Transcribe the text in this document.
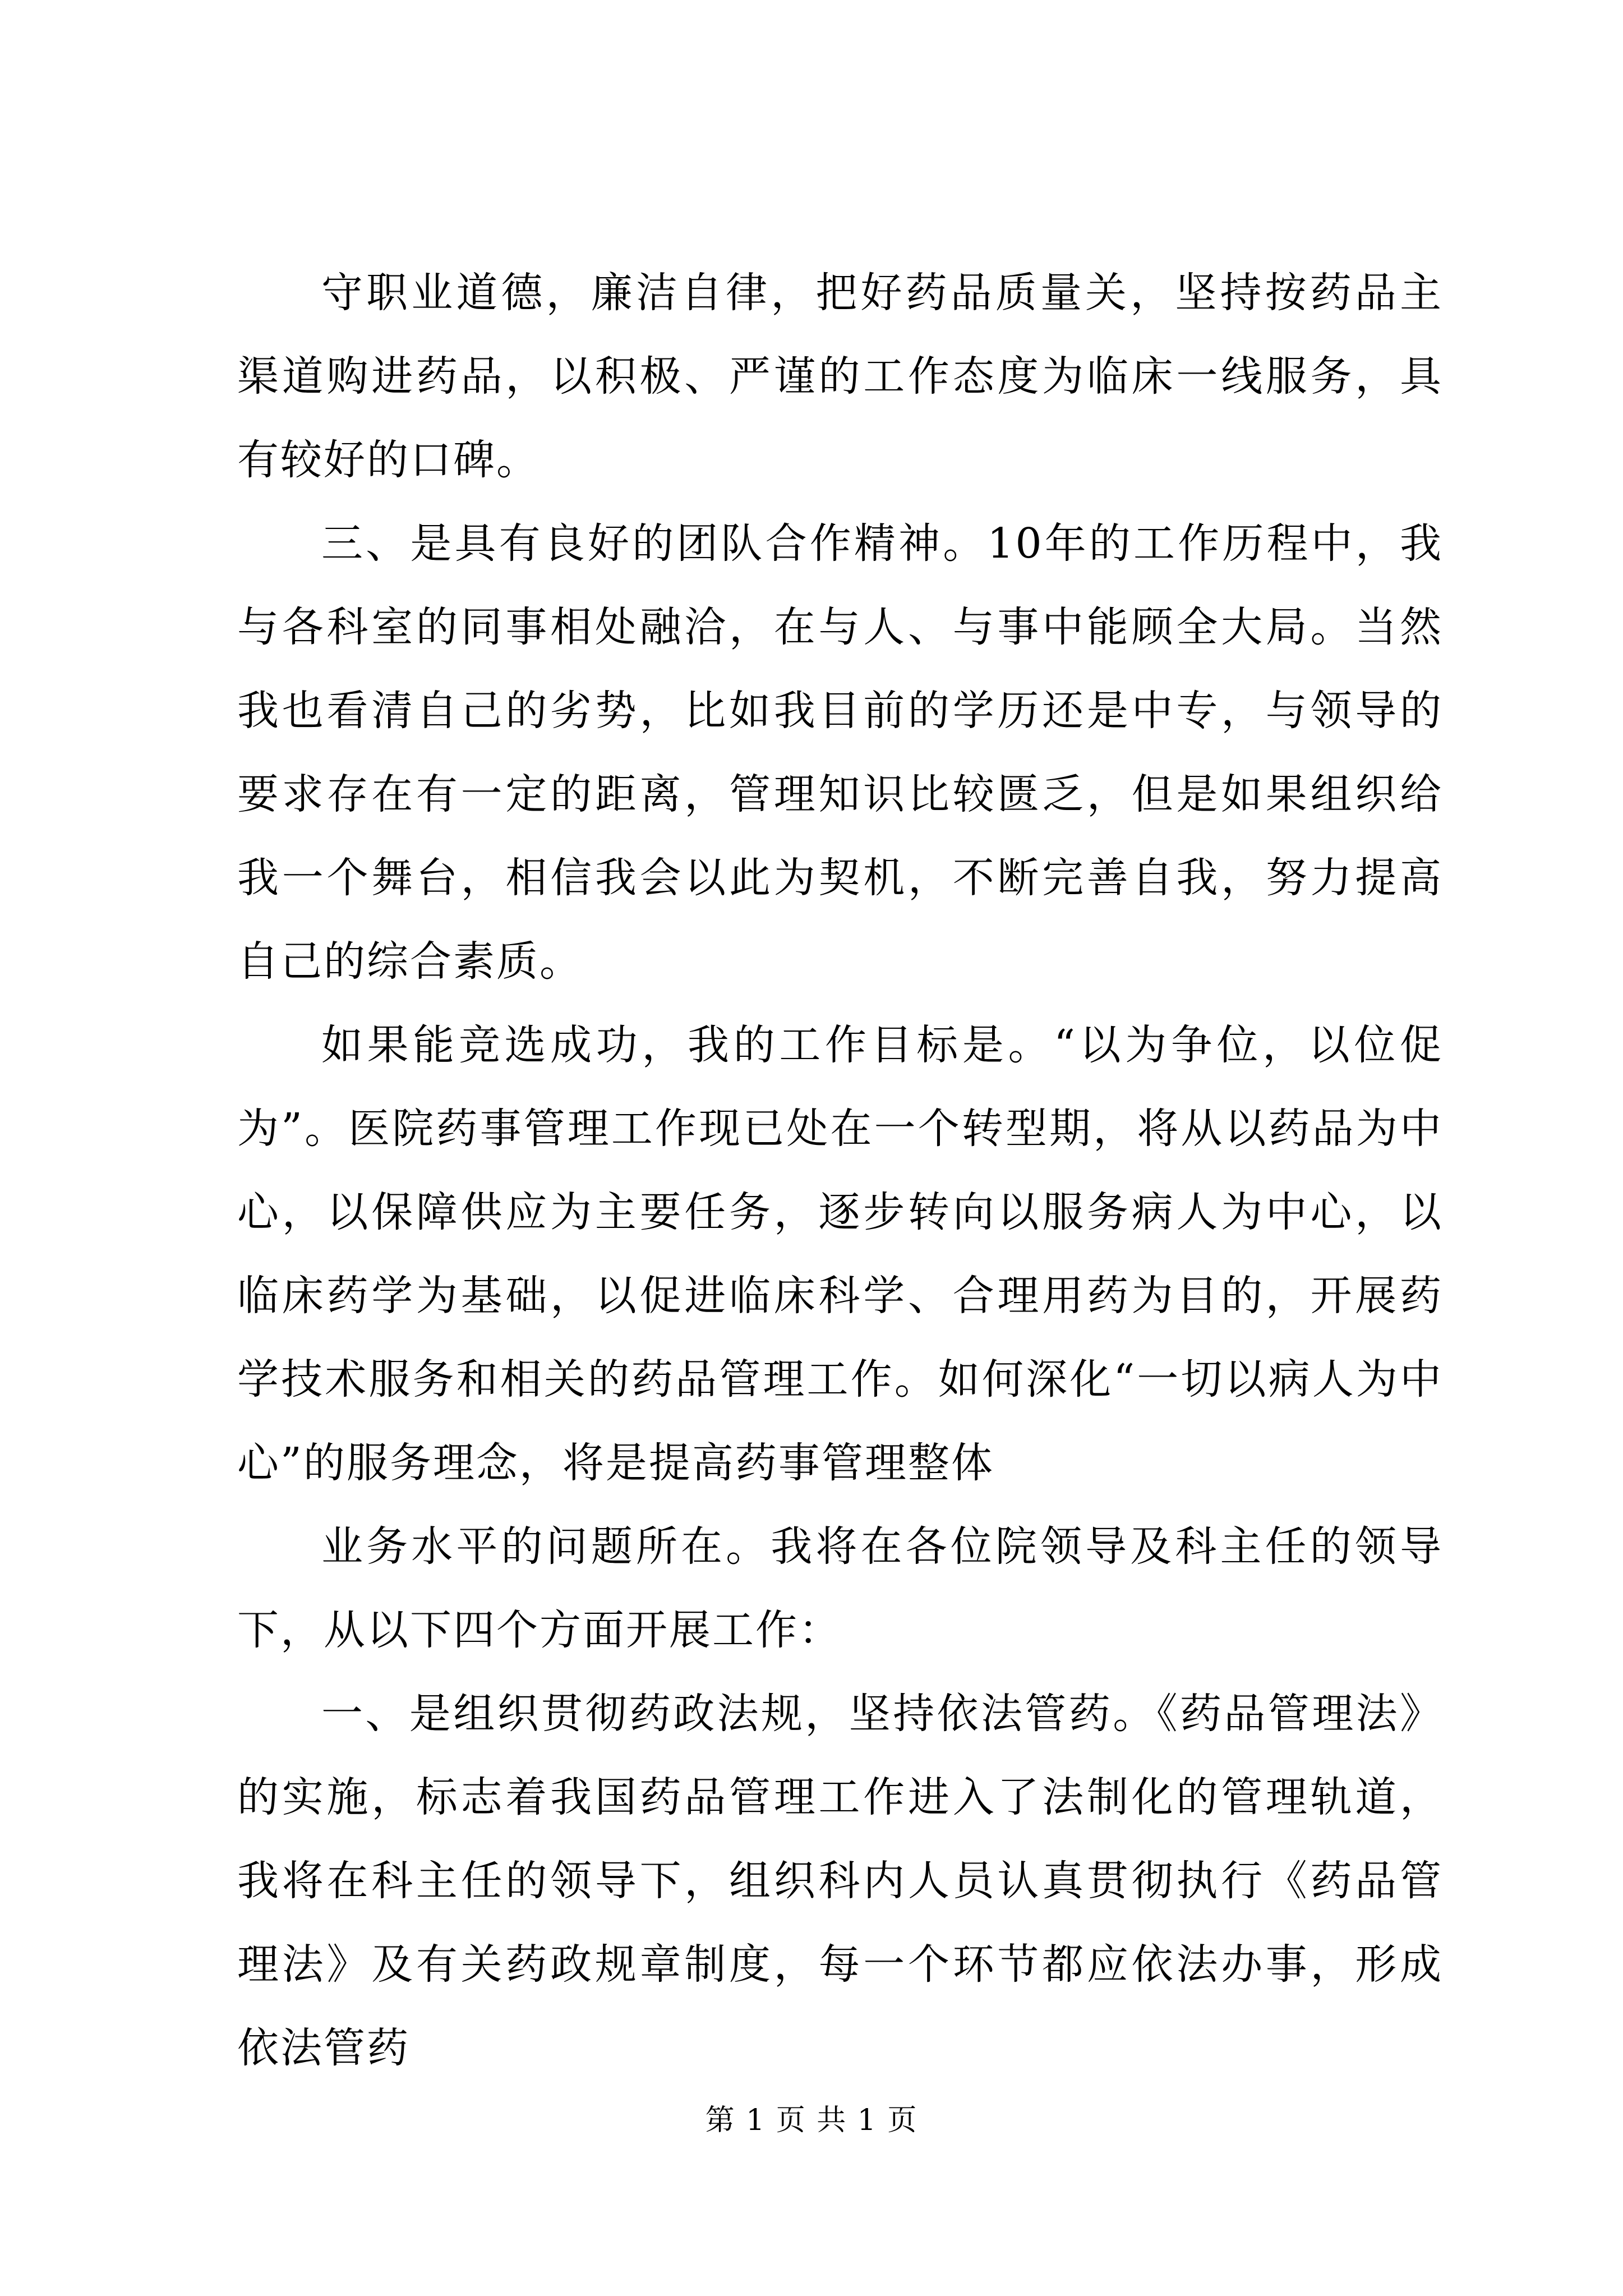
守职业道德，廉洁自律，把好药品质量关，坚持按药品主渠道购进药品，以积极、严谨的工作态度为临床一线服务，具有较好的口碑。

三、是具有良好的团队合作精神。10年的工作历程中，我与各科室的同事相处融洽，在与人、与事中能顾全大局。当然我也看清自己的劣势，比如我目前的学历还是中专，与领导的要求存在有一定的距离，管理知识比较匮乏，但是如果组织给我一个舞台，相信我会以此为契机，不断完善自我，努力提高自己的综合素质。

如果能竞选成功，我的工作目标是。“以为争位，以位促为”。医院药事管理工作现已处在一个转型期，将从以药品为中心，以保障供应为主要任务，逐步转向以服务病人为中心，以临床药学为基础，以促进临床科学、合理用药为目的，开展药学技术服务和相关的药品管理工作。如何深化“一切以病人为中心”的服务理念，将是提高药事管理整体

业务水平的问题所在。我将在各位院领导及科主任的领导下，从以下四个方面开展工作：

一、是组织贯彻药政法规，坚持依法管药。《药品管理法》的实施，标志着我国药品管理工作进入了法制化的管理轨道，我将在科主任的领导下，组织科内人员认真贯彻执行《药品管理法》及有关药政规章制度，每一个环节都应依法办事，形成依法管药

第 1 页 共 1 页
